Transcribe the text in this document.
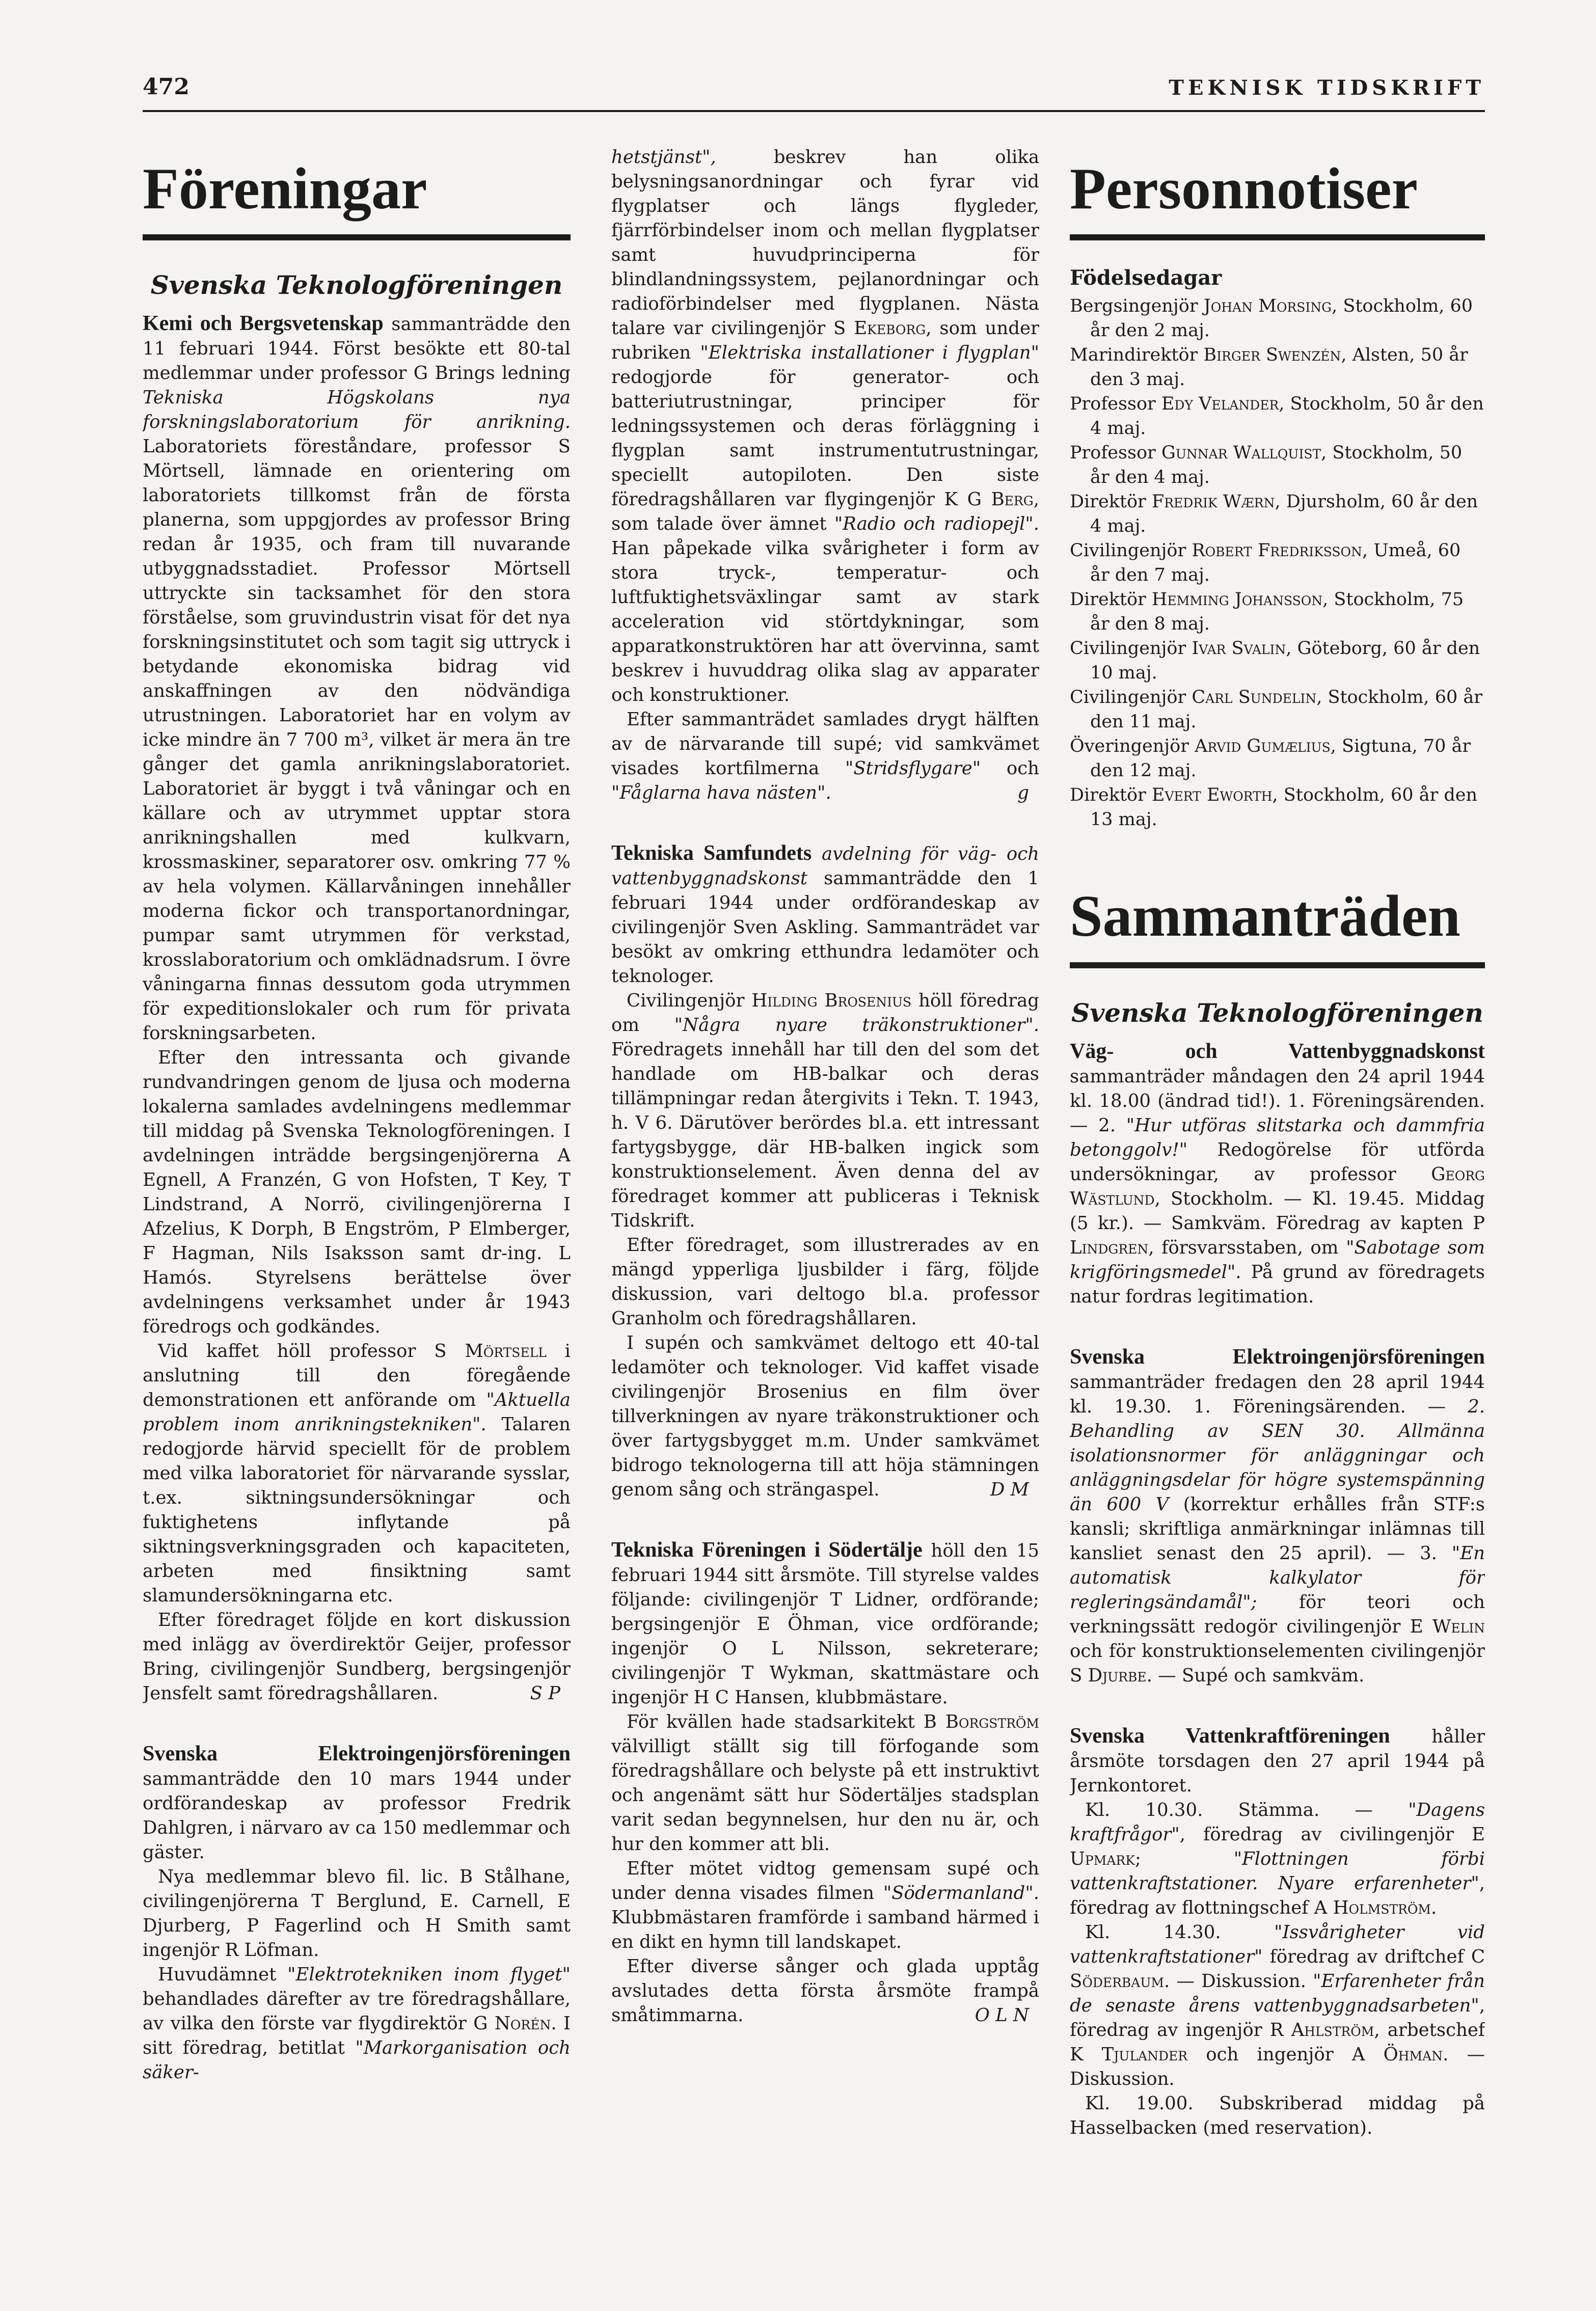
472	TEKNISK TIDSKRIFT
Föreningar
Svenska Teknologföreningen

Kemi och Bergsvetenskap sammanträdde den 11 februari 1944. Först besökte ett 80-tal medlemmar under professor G Brings ledning Tekniska Högskolans nya forskningslaboratorium för anrikning. Laboratoriets föreståndare, professor S Mörtsell, lämnade en orientering om laboratoriets tillkomst från de första planerna, som uppgjordes av professor Bring redan år 1935, och fram till nuvarande utbyggnadsstadiet. Professor Mörtsell uttryckte sin tacksamhet för den stora förståelse, som gruvindustrin visat för det nya forskningsinstitutet och som tagit sig uttryck i betydande ekonomiska bidrag vid anskaffningen av den nödvändiga utrustningen. Laboratoriet har en volym av icke mindre än 7 700 m³, vilket är mera än tre gånger det gamla anrikningslaboratoriet. Laboratoriet är byggt i två våningar och en källare och av utrymmet upptar stora anrikningshallen med kulkvarn, krossmaskiner, separatorer osv. omkring 77 % av hela volymen. Källarvåningen innehåller moderna fickor och transportanordningar, pumpar samt utrymmen för verkstad, krosslaboratorium och omklädnadsrum. I övre våningarna finnas dessutom goda utrymmen för expeditionslokaler och rum för privata forskningsarbeten.

Efter den intressanta och givande rundvandringen genom de ljusa och moderna lokalerna samlades avdelningens medlemmar till middag på Svenska Teknologföreningen. I avdelningen inträdde bergsingenjörerna A Egnell, A Franzén, G von Hofsten, T Key, T Lindstrand, A Norrö, civilingenjörerna I Afzelius, K Dorph, B Engström, P Elmberger, F Hagman, Nils Isaksson samt dr-ing. L Hamós. Styrelsens berättelse över avdelningens verksamhet under år 1943 föredrogs och godkändes.

Vid kaffet höll professor S Mörtsell i anslutning till den föregående demonstrationen ett anförande om "Aktuella problem inom anrikningstekniken". Talaren redogjorde härvid speciellt för de problem med vilka laboratoriet för närvarande sysslar, t.ex. siktningsundersökningar och fuktighetens inflytande på siktningsverkningsgraden och kapaciteten, arbeten med finsiktning samt slamundersökningarna etc.

Efter föredraget följde en kort diskussion med inlägg av överdirektör Geijer, professor Bring, civilingenjör Sundberg, bergsingenjör Jensfelt samt föredragshållaren.	S P

Svenska Elektroingenjörsföreningen sammanträdde den 10 mars 1944 under ordförandeskap av professor Fredrik Dahlgren, i närvaro av ca 150 medlemmar och gäster.

Nya medlemmar blevo fil. lic. B Stålhane, civilingenjörerna T Berglund, E. Carnell, E Djurberg, P Fagerlind och H Smith samt ingenjör R Löfman.

Huvudämnet "Elektrotekniken inom flyget" behandlades därefter av tre föredragshållare, av vilka den förste var flygdirektör G Norén. I sitt föredrag, betitlat "Markorganisation och säker-

hetstjänst", beskrev han olika belysningsanordningar och fyrar vid flygplatser och längs flygleder, fjärrförbindelser inom och mellan flygplatser samt huvudprinciperna för blindlandningssystem, pejlanordningar och radioförbindelser med flygplanen. Nästa talare var civilingenjör S Ekeborg, som under rubriken "Elektriska installationer i flygplan" redogjorde för generator- och batteriutrustningar, principer för ledningssystemen och deras förläggning i flygplan samt instrumentutrustningar, speciellt autopiloten. Den siste föredragshållaren var flygingenjör K G Berg, som talade över ämnet "Radio och radiopejl". Han påpekade vilka svårigheter i form av stora tryck-, temperatur- och luftfuktighetsväxlingar samt av stark acceleration vid störtdykningar, som apparatkonstruktören har att övervinna, samt beskrev i huvuddrag olika slag av apparater och konstruktioner.

Efter sammanträdet samlades drygt hälften av de närvarande till supé; vid samkvämet visades kortfilmerna "Stridsflygare" och "Fåglarna hava nästen".	g

Tekniska Samfundets avdelning för väg- och vattenbyggnadskonst sammanträdde den 1 februari 1944 under ordförandeskap av civilingenjör Sven Askling. Sammanträdet var besökt av omkring etthundra ledamöter och teknologer.

Civilingenjör Hilding Brosenius höll föredrag om "Några nyare träkonstruktioner". Föredragets innehåll har till den del som det handlade om HB-balkar och deras tillämpningar redan återgivits i Tekn. T. 1943, h. V 6. Därutöver berördes bl.a. ett intressant fartygsbygge, där HB-balken ingick som konstruktionselement. Även denna del av föredraget kommer att publiceras i Teknisk Tidskrift.

Efter föredraget, som illustrerades av en mängd ypperliga ljusbilder i färg, följde diskussion, vari deltogo bl.a. professor Granholm och föredragshållaren.

I supén och samkvämet deltogo ett 40-tal ledamöter och teknologer. Vid kaffet visade civilingenjör Brosenius en film över tillverkningen av nyare träkonstruktioner och över fartygsbygget m.m. Under samkvämet bidrogo teknologerna till att höja stämningen genom sång och strängaspel.	D M

Tekniska Föreningen i Södertälje höll den 15 februari 1944 sitt årsmöte. Till styrelse valdes följande: civilingenjör T Lidner, ordförande; bergsingenjör E Öhman, vice ordförande; ingenjör O L Nilsson, sekreterare; civilingenjör T Wykman, skattmästare och ingenjör H C Hansen, klubbmästare.

För kvällen hade stadsarkitekt B Borgström välvilligt ställt sig till förfogande som föredragshållare och belyste på ett instruktivt och angenämt sätt hur Södertäljes stadsplan varit sedan begynnelsen, hur den nu är, och hur den kommer att bli.

Efter mötet vidtog gemensam supé och under denna visades filmen "Södermanland". Klubbmästaren framförde i samband härmed i en dikt en hymn till landskapet.

Efter diverse sånger och glada upptåg avslutades detta första årsmöte frampå småtimmarna.	O L N

Personnotiser
Födelsedagar
Bergsingenjör Johan Morsing, Stockholm, 60 år den 2 maj.
Marindirektör Birger Swenzén, Alsten, 50 år den 3 maj.
Professor Edy Velander, Stockholm, 50 år den 4 maj.
Professor Gunnar Wallquist, Stockholm, 50 år den 4 maj.
Direktör Fredrik Wærn, Djursholm, 60 år den 4 maj.
Civilingenjör Robert Fredriksson, Umeå, 60 år den 7 maj.
Direktör Hemming Johansson, Stockholm, 75 år den 8 maj.
Civilingenjör Ivar Svalin, Göteborg, 60 år den 10 maj.
Civilingenjör Carl Sundelin, Stockholm, 60 år den 11 maj.
Överingenjör Arvid Gumælius, Sigtuna, 70 år den 12 maj.
Direktör Evert Eworth, Stockholm, 60 år den 13 maj.
Sammanträden
Svenska Teknologföreningen

Väg- och Vattenbyggnadskonst sammanträder måndagen den 24 april 1944 kl. 18.00 (ändrad tid!). 1. Föreningsärenden. — 2. "Hur utföras slitstarka och dammfria betonggolv!" Redogörelse för utförda undersökningar, av professor Georg Wästlund, Stockholm. — Kl. 19.45. Middag (5 kr.). — Samkväm. Föredrag av kapten P Lindgren, försvarsstaben, om "Sabotage som krigföringsmedel". På grund av föredragets natur fordras legitimation.

Svenska Elektroingenjörsföreningen sammanträder fredagen den 28 april 1944 kl. 19.30. 1. Föreningsärenden. — 2. Behandling av SEN 30. Allmänna isolationsnormer för anläggningar och anläggningsdelar för högre systemspänning än 600 V (korrektur erhålles från STF:s kansli; skriftliga anmärkningar inlämnas till kansliet senast den 25 april). — 3. "En automatisk kalkylator för regleringsändamål"; för teori och verkningssätt redogör civilingenjör E Welin och för konstruktionselementen civilingenjör S Djurbe. — Supé och samkväm.

Svenska Vattenkraftföreningen håller årsmöte torsdagen den 27 april 1944 på Jernkontoret.

Kl. 10.30. Stämma. — "Dagens kraftfrågor", föredrag av civilingenjör E Upmark; "Flottningen förbi vattenkraftstationer. Nyare erfarenheter", föredrag av flottningschef A Holmström.

Kl. 14.30. "Issvårigheter vid vattenkraftstationer" föredrag av driftchef C Söderbaum. — Diskussion. "Erfarenheter från de senaste årens vattenbyggnadsarbeten", föredrag av ingenjör R Ahlström, arbetschef K Tjulander och ingenjör A Öhman. — Diskussion.

Kl. 19.00. Subskriberad middag på Hasselbacken (med reservation).
